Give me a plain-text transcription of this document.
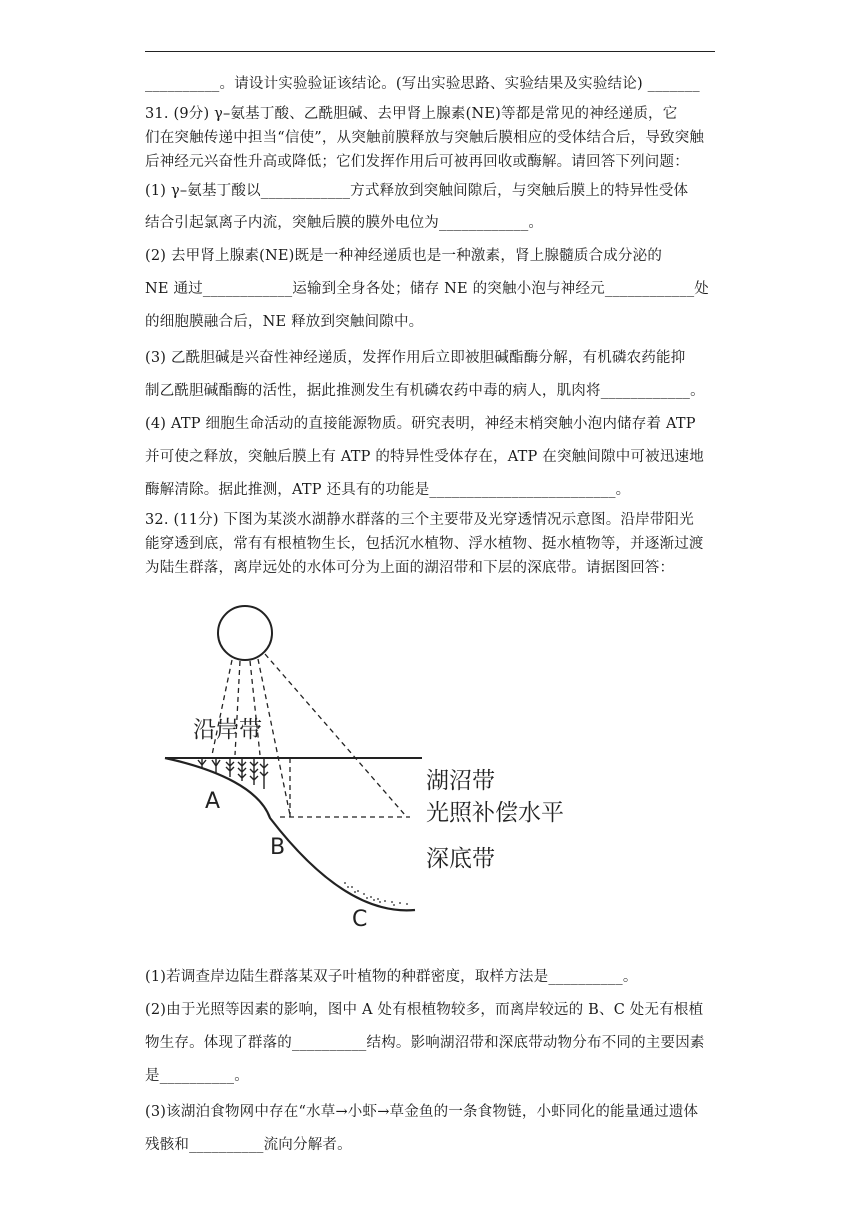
__________。请设计实验验证该结论。(写出实验思路、实验结果及实验结论) _______
31. (9分) γ–氨基丁酸、乙酰胆碱、去甲肾上腺素(NE)等都是常见的神经递质，它
们在突触传递中担当“信使”，从突触前膜释放与突触后膜相应的受体结合后，导致突触
后神经元兴奋性升高或降低；它们发挥作用后可被再回收或酶解。请回答下列问题：
(1) γ–氨基丁酸以____________方式释放到突触间隙后，与突触后膜上的特异性受体
结合引起氯离子内流，突触后膜的膜外电位为____________。
(2) 去甲肾上腺素(NE)既是一种神经递质也是一种激素，肾上腺髓质合成分泌的
NE 通过____________运输到全身各处；储存 NE 的突触小泡与神经元____________处
的细胞膜融合后，NE 释放到突触间隙中。
(3) 乙酰胆碱是兴奋性神经递质，发挥作用后立即被胆碱酯酶分解，有机磷农药能抑
制乙酰胆碱酯酶的活性，据此推测发生有机磷农药中毒的病人，肌肉将____________。
(4) ATP 细胞生命活动的直接能源物质。研究表明，神经末梢突触小泡内储存着 ATP
并可使之释放，突触后膜上有 ATP 的特异性受体存在，ATP 在突触间隙中可被迅速地
酶解清除。据此推测，ATP 还具有的功能是_________________________。
32. (11分) 下图为某淡水湖静水群落的三个主要带及光穿透情况示意图。沿岸带阳光
能穿透到底，常有有根植物生长，包括沉水植物、浮水植物、挺水植物等，并逐渐过渡
为陆生群落，离岸远处的水体可分为上面的湖沼带和下层的深底带。请据图回答：
沿岸带
湖沼带
光照补偿水平
深底带
A
B
C
(1)若调查岸边陆生群落某双子叶植物的种群密度，取样方法是__________。
(2)由于光照等因素的影响，图中 A 处有根植物较多，而离岸较远的 B、C 处无有根植
物生存。体现了群落的__________结构。影响湖沼带和深底带动物分布不同的主要因素
是__________。
(3)该湖泊食物网中存在“水草→小虾→草金鱼的一条食物链，小虾同化的能量通过遗体
残骸和__________流向分解者。
